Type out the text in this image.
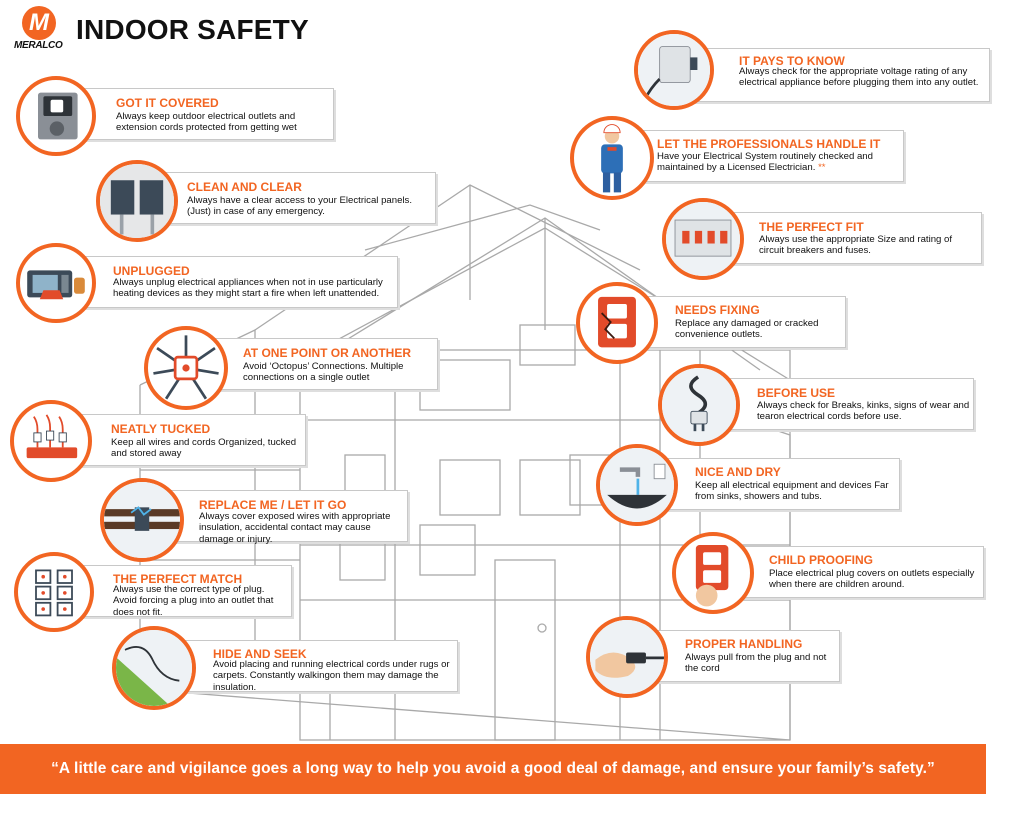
M
MERALCO
INDOOR SAFETY
GOT IT COVERED
Always keep outdoor electrical outlets and extension cords protected from getting wet
CLEAN AND CLEAR
Always have a clear access to your Electrical panels. (Just) in case of any emergency.
UNPLUGGED
Always unplug electrical appliances when not in use particularly heating devices as they might start a fire when left unattended.
AT ONE POINT OR ANOTHER
Avoid ‘Octopus’ Connections. Multiple connections on a single outlet
NEATLY TUCKED
Keep all wires and cords Organized, tucked and stored away
REPLACE ME / LET IT GO
Always cover exposed wires with appropriate insulation, accidental contact may cause damage or injury.
THE PERFECT MATCH
Always use the correct type of plug. Avoid forcing a plug into an outlet that does not fit.
HIDE AND SEEK
Avoid placing and running electrical cords under rugs or carpets. Constantly walkingon them may damage the insulation.
IT PAYS TO KNOW
Always check for the appropriate voltage rating of any electrical appliance before plugging them into any outlet.
LET THE PROFESSIONALS HANDLE IT
Have your Electrical System routinely checked and maintained by a Licensed Electrician. **
THE PERFECT FIT
Always use the appropriate Size and rating of circuit breakers and fuses.
NEEDS FIXING
Replace any damaged or cracked convenience outlets.
BEFORE USE
Always check for Breaks, kinks, signs of wear and tearon electrical cords before use.
NICE AND DRY
Keep all electrical equipment and devices Far from sinks, showers and tubs.
CHILD PROOFING
Place electrical plug covers on outlets especially when there are children around.
PROPER HANDLING
Always pull from the plug and not the cord
“A little care and vigilance goes a long way to help you avoid a good deal of damage, and ensure your family’s safety.”
